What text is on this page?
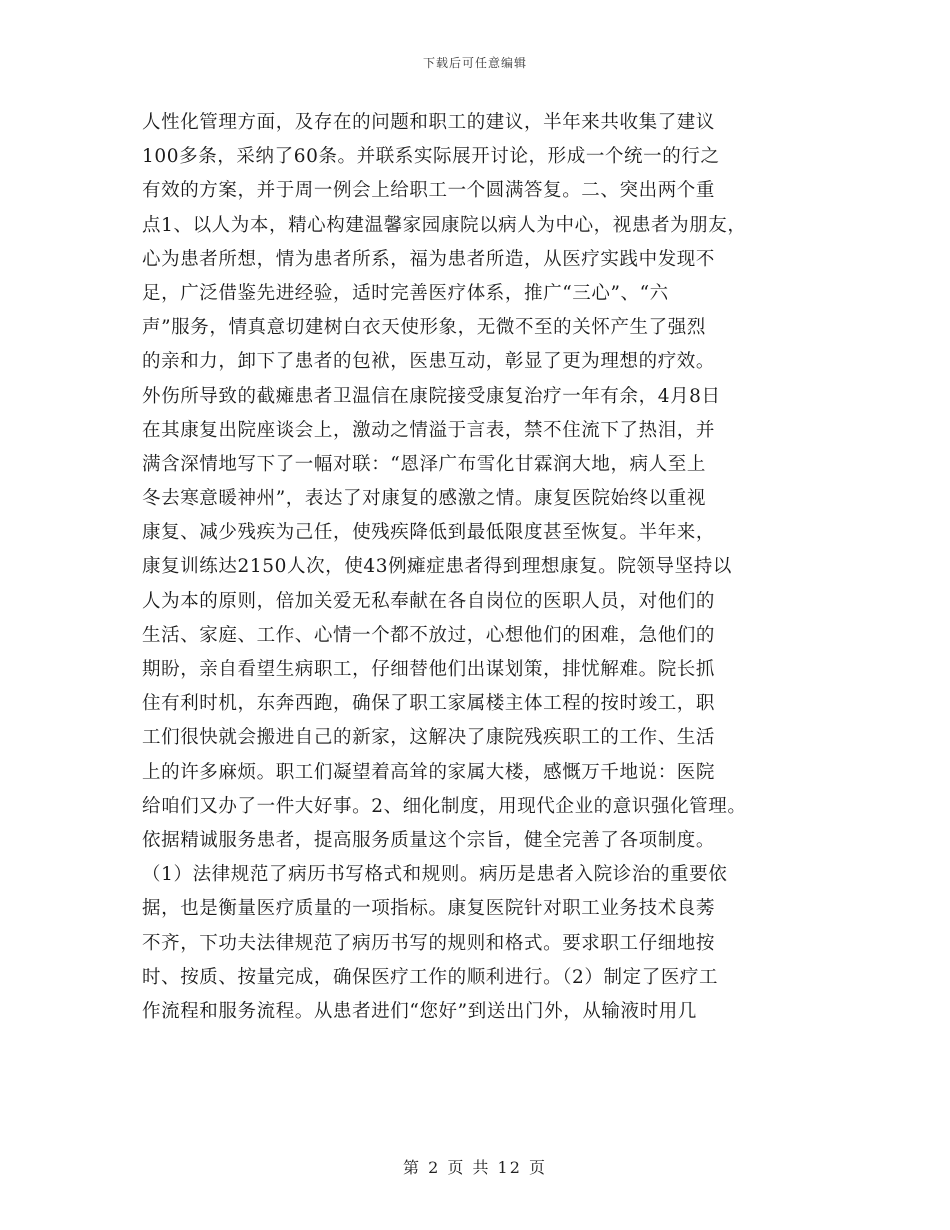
下载后可任意编辑
人性化管理方面，及存在的问题和职工的建议，半年来共收集了建议
100多条，采纳了60条。并联系实际展开讨论，形成一个统一的行之
有效的方案，并于周一例会上给职工一个圆满答复。二、突出两个重
点1、以人为本，精心构建温馨家园康院以病人为中心，视患者为朋友，
心为患者所想，情为患者所系，福为患者所造，从医疗实践中发现不
足，广泛借鉴先进经验，适时完善医疗体系，推广“三心”、“六
声”服务，情真意切建树白衣天使形象，无微不至的关怀产生了强烈
的亲和力，卸下了患者的包袱，医患互动，彰显了更为理想的疗效。
外伤所导致的截瘫患者卫温信在康院接受康复治疗一年有余，4月8日
在其康复出院座谈会上，激动之情溢于言表，禁不住流下了热泪，并
满含深情地写下了一幅对联：“恩泽广布雪化甘霖润大地，病人至上
冬去寒意暖神州”，表达了对康复的感激之情。康复医院始终以重视
康复、减少残疾为己任，使残疾降低到最低限度甚至恢复。半年来，
康复训练达2150人次，使43例瘫症患者得到理想康复。院领导坚持以
人为本的原则，倍加关爱无私奉献在各自岗位的医职人员，对他们的
生活、家庭、工作、心情一个都不放过，心想他们的困难，急他们的
期盼，亲自看望生病职工，仔细替他们出谋划策，排忧解难。院长抓
住有利时机，东奔西跑，确保了职工家属楼主体工程的按时竣工，职
工们很快就会搬进自己的新家，这解决了康院残疾职工的工作、生活
上的许多麻烦。职工们凝望着高耸的家属大楼，感慨万千地说：医院
给咱们又办了一件大好事。2、细化制度，用现代企业的意识强化管理。
依据精诚服务患者，提高服务质量这个宗旨，健全完善了各项制度。
（1）法律规范了病历书写格式和规则。病历是患者入院诊治的重要依
据，也是衡量医疗质量的一项指标。康复医院针对职工业务技术良莠
不齐，下功夫法律规范了病历书写的规则和格式。要求职工仔细地按
时、按质、按量完成，确保医疗工作的顺利进行。（2）制定了医疗工
作流程和服务流程。从患者进们“您好”到送出门外，从输液时用几
第 2 页 共 12 页
